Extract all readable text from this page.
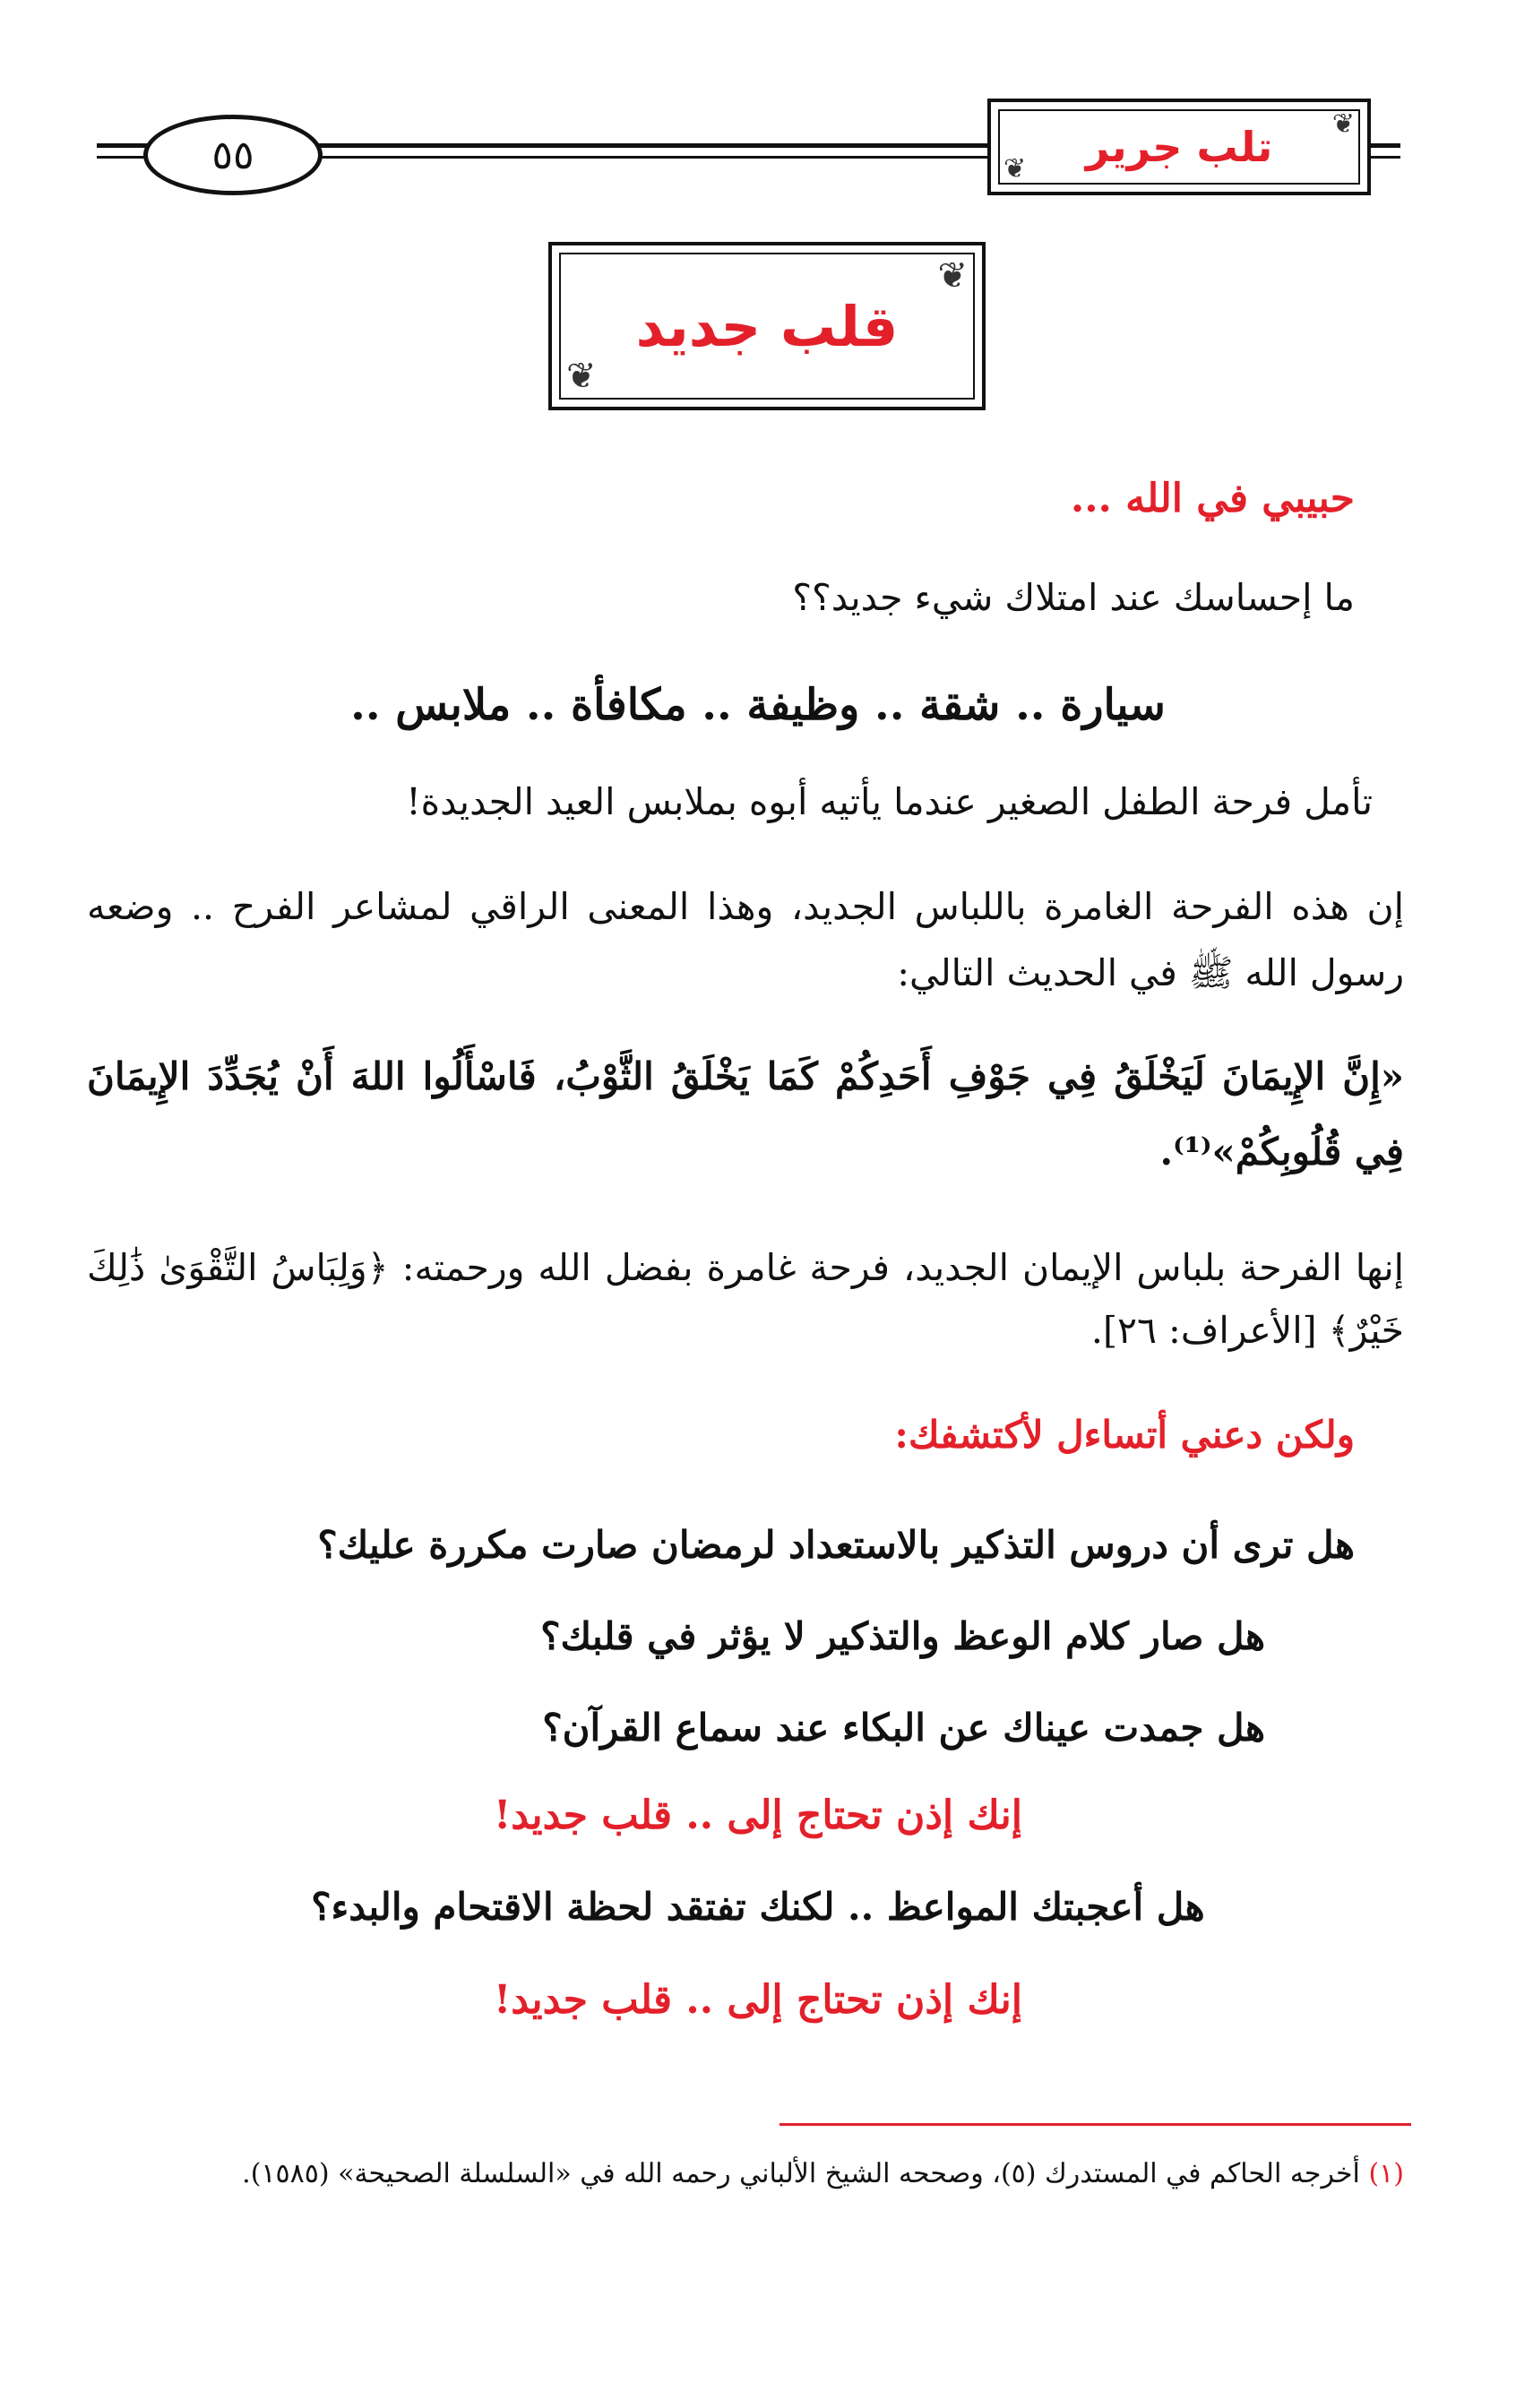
٥٥
❦
❦ تلب جرير
❦
❦
قلب جديد
حبيبي في الله ...
ما إحساسك عند امتلاك شيء جديد؟؟
سيارة .. شقة .. وظيفة .. مكافأة .. ملابس ..
تأمل فرحة الطفل الصغير عندما يأتيه أبوه بملابس العيد الجديدة!
إن هذه الفرحة الغامرة باللباس الجديد، وهذا المعنى الراقي لمشاعر الفرح .. وضعه رسول الله ﷺ في الحديث التالي:
«إِنَّ الإِيمَانَ لَيَخْلَقُ فِي جَوْفِ أَحَدِكُمْ كَمَا يَخْلَقُ الثَّوْبُ، فَاسْأَلُوا اللهَ أَنْ يُجَدِّدَ الإِيمَانَ فِي قُلُوبِكُمْ»⁽¹⁾.
إنها الفرحة بلباس الإيمان الجديد، فرحة غامرة بفضل الله ورحمته: ﴿وَلِبَاسُ التَّقْوَىٰ ذَٰلِكَ خَيْرٌ﴾ [الأعراف: ٢٦].
ولكن دعني أتساءل لأكتشفك:
هل ترى أن دروس التذكير بالاستعداد لرمضان صارت مكررة عليك؟
هل صار كلام الوعظ والتذكير لا يؤثر في قلبك؟
هل جمدت عيناك عن البكاء عند سماع القرآن؟
إنك إذن تحتاج إلى .. قلب جديد!
هل أعجبتك المواعظ .. لكنك تفتقد لحظة الاقتحام والبدء؟
إنك إذن تحتاج إلى .. قلب جديد!
(١) أخرجه الحاكم في المستدرك (٥)، وصححه الشيخ الألباني رحمه الله في «السلسلة الصحيحة» (١٥٨٥).
